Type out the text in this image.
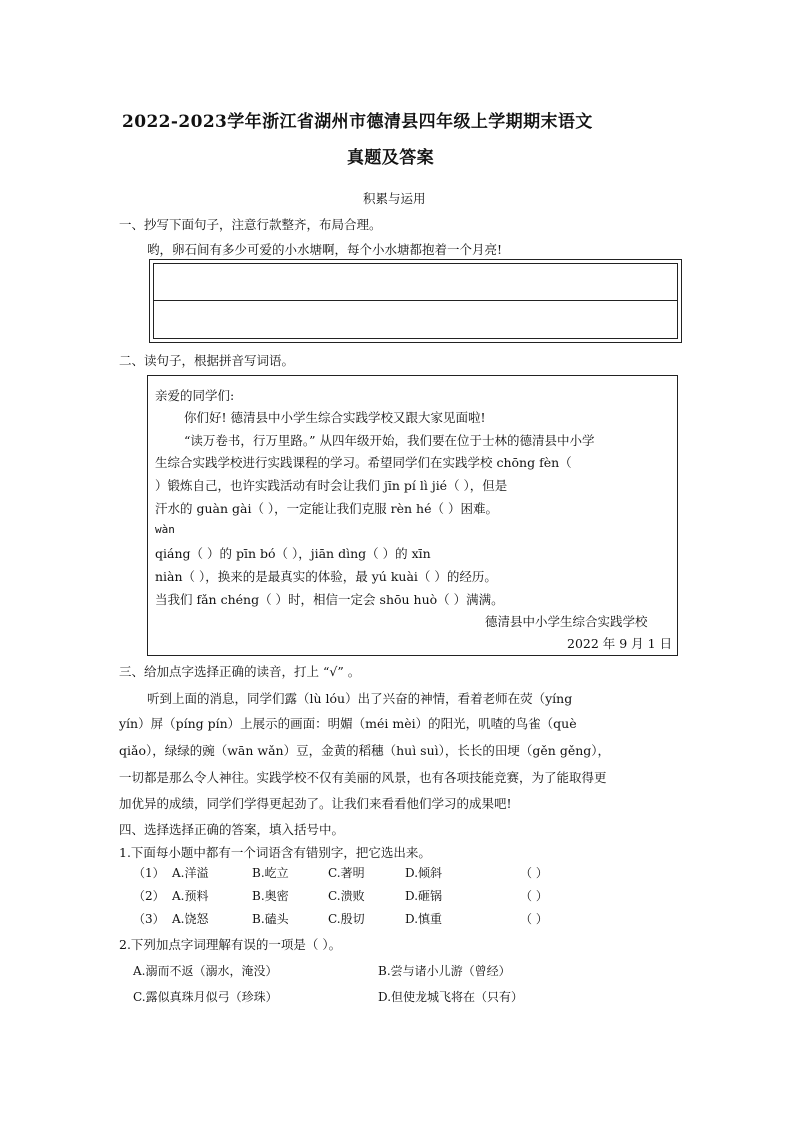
2022-2023学年浙江省湖州市德清县四年级上学期期末语文
真题及答案
积累与运用
一、抄写下面句子，注意行款整齐，布局合理。
哟，卵石间有多少可爱的小水塘啊，每个小水塘都抱着一个月亮!
二、读句子，根据拼音写词语。
亲爱的同学们:
你们好! 德清县中小学生综合实践学校又跟大家见面啦!
“读万卷书，行万里路。” 从四年级开始，我们要在位于士林的德清县中小学
生综合实践学校进行实践课程的学习。希望同学们在实践学校 chōng fèn（
）锻炼自己，也许实践活动有时会让我们 jīn pí lì jié（ ），但是
汗水的 guàn gài（ ），一定能让我们克服 rèn hé（ ）困难。
wàn
qiáng（ ）的 pīn bó（ ），jiān dìng（ ）的 xīn
niàn（ ），换来的是最真实的体验，最 yú kuài（ ）的经历。
当我们 fǎn chéng（ ）时，相信一定会 shōu huò（ ）满满。
德清县中小学生综合实践学校
2022 年 9 月 1 日
三、给加点字选择正确的读音，打上 “√” 。
听到上面的消息，同学们露（lù lóu）出了兴奋的神情，看着老师在荧（yíng
yín）屏（píng pín）上展示的画面：明媚（méi mèi）的阳光，叽喳的鸟雀（què
qiǎo），绿绿的豌（wān wǎn）豆，金黄的稻穗（huì suì），长长的田埂（gěn gěng），
一切都是那么令人神往。实践学校不仅有美丽的风景，也有各项技能竞赛，为了能取得更
加优异的成绩，同学们学得更起劲了。让我们来看看他们学习的成果吧!
四、选择选择正确的答案，填入括号中。
1.下面每小题中都有一个词语含有错别字，把它选出来。
（1） A.洋溢	B.屹立	C.著明	D.倾斜	（ ）
（2） A.预料	B.奥密	C.溃败	D.砸锅	（ ）
（3） A.饶怒	B.磕头	C.殷切	D.慎重	（ ）
2.下列加点字词理解有误的一项是（ ）。
A.溺而不返（溺水，淹没）	B.尝与诸小儿游（曾经）
C.露似真珠月似弓（珍珠）	D.但使龙城飞将在（只有）
